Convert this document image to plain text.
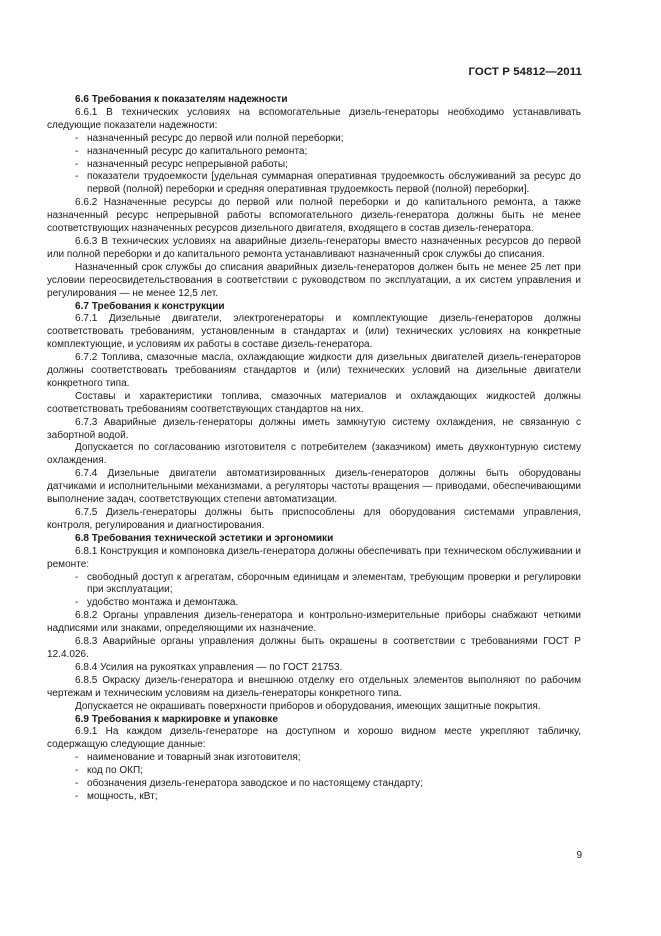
ГОСТ Р 54812—2011

6.6 Требования к показателям надежности

6.6.1 В технических условиях на вспомогательные дизель-генераторы необходимо устанавливать следующие показатели надежности:

- назначенный ресурс до первой или полной переборки;
- назначенный ресурс до капитального ремонта;
- назначенный ресурс непрерывной работы;
- показатели трудоемкости [удельная суммарная оперативная трудоемкость обслуживаний за ресурс до первой (полной) переборки и средняя оперативная трудоемкость первой (полной) переборки].

6.6.2 Назначенные ресурсы до первой или полной переборки и до капитального ремонта, а также назначенный ресурс непрерывной работы вспомогательного дизель-генератора должны быть не менее соответствующих назначенных ресурсов дизельного двигателя, входящего в состав дизель-генератора.

6.6.3 В технических условиях на аварийные дизель-генераторы вместо назначенных ресурсов до первой или полной переборки и до капитального ремонта устанавливают назначенный срок службы до списания.

Назначенный срок службы до списания аварийных дизель-генераторов должен быть не менее 25 лет при условии переосвидетельствования в соответствии с руководством по эксплуатации, а их систем управления и регулирования — не менее 12,5 лет.

6.7 Требования к конструкции

6.7.1 Дизельные двигатели, электрогенераторы и комплектующие дизель-генераторов должны соответствовать требованиям, установленным в стандартах и (или) технических условиях на конкретные комплектующие, и условиям их работы в составе дизель-генератора.

6.7.2 Топлива, смазочные масла, охлаждающие жидкости для дизельных двигателей дизель-генераторов должны соответствовать требованиям стандартов и (или) технических условий на дизельные двигатели конкретного типа.

Составы и характеристики топлива, смазочных материалов и охлаждающих жидкостей должны соответствовать требованиям соответствующих стандартов на них.

6.7.3 Аварийные дизель-генераторы должны иметь замкнутую систему охлаждения, не связанную с забортной водой.

Допускается по согласованию изготовителя с потребителем (заказчиком) иметь двухконтурную систему охлаждения.

6.7.4 Дизельные двигатели автоматизированных дизель-генераторов должны быть оборудованы датчиками и исполнительными механизмами, а регуляторы частоты вращения — приводами, обеспечивающими выполнение задач, соответствующих степени автоматизации.

6.7.5 Дизель-генераторы должны быть приспособлены для оборудования системами управления, контроля, регулирования и диагностирования.

6.8 Требования технической эстетики и эргономики

6.8.1 Конструкция и компоновка дизель-генератора должны обеспечивать при техническом обслуживании и ремонте:

- свободный доступ к агрегатам, сборочным единицам и элементам, требующим проверки и регулировки при эксплуатации;
- удобство монтажа и демонтажа.

6.8.2 Органы управления дизель-генератора и контрольно-измерительные приборы снабжают четкими надписями или знаками, определяющими их назначение.

6.8.3 Аварийные органы управления должны быть окрашены в соответствии с требованиями ГОСТ Р 12.4.026.

6.8.4 Усилия на рукоятках управления — по ГОСТ 21753.

6.8.5 Окраску дизель-генератора и внешнюю отделку его отдельных элементов выполняют по рабочим чертежам и техническим условиям на дизель-генераторы конкретного типа.

Допускается не окрашивать поверхности приборов и оборудования, имеющих защитные покрытия.

6.9 Требования к маркировке и упаковке

6.9.1 На каждом дизель-генераторе на доступном и хорошо видном месте укрепляют табличку, содержащую следующие данные:

- наименование и товарный знак изготовителя;
- код по ОКП;
- обозначения дизель-генератора заводское и по настоящему стандарту;
- мощность, кВт;
9
